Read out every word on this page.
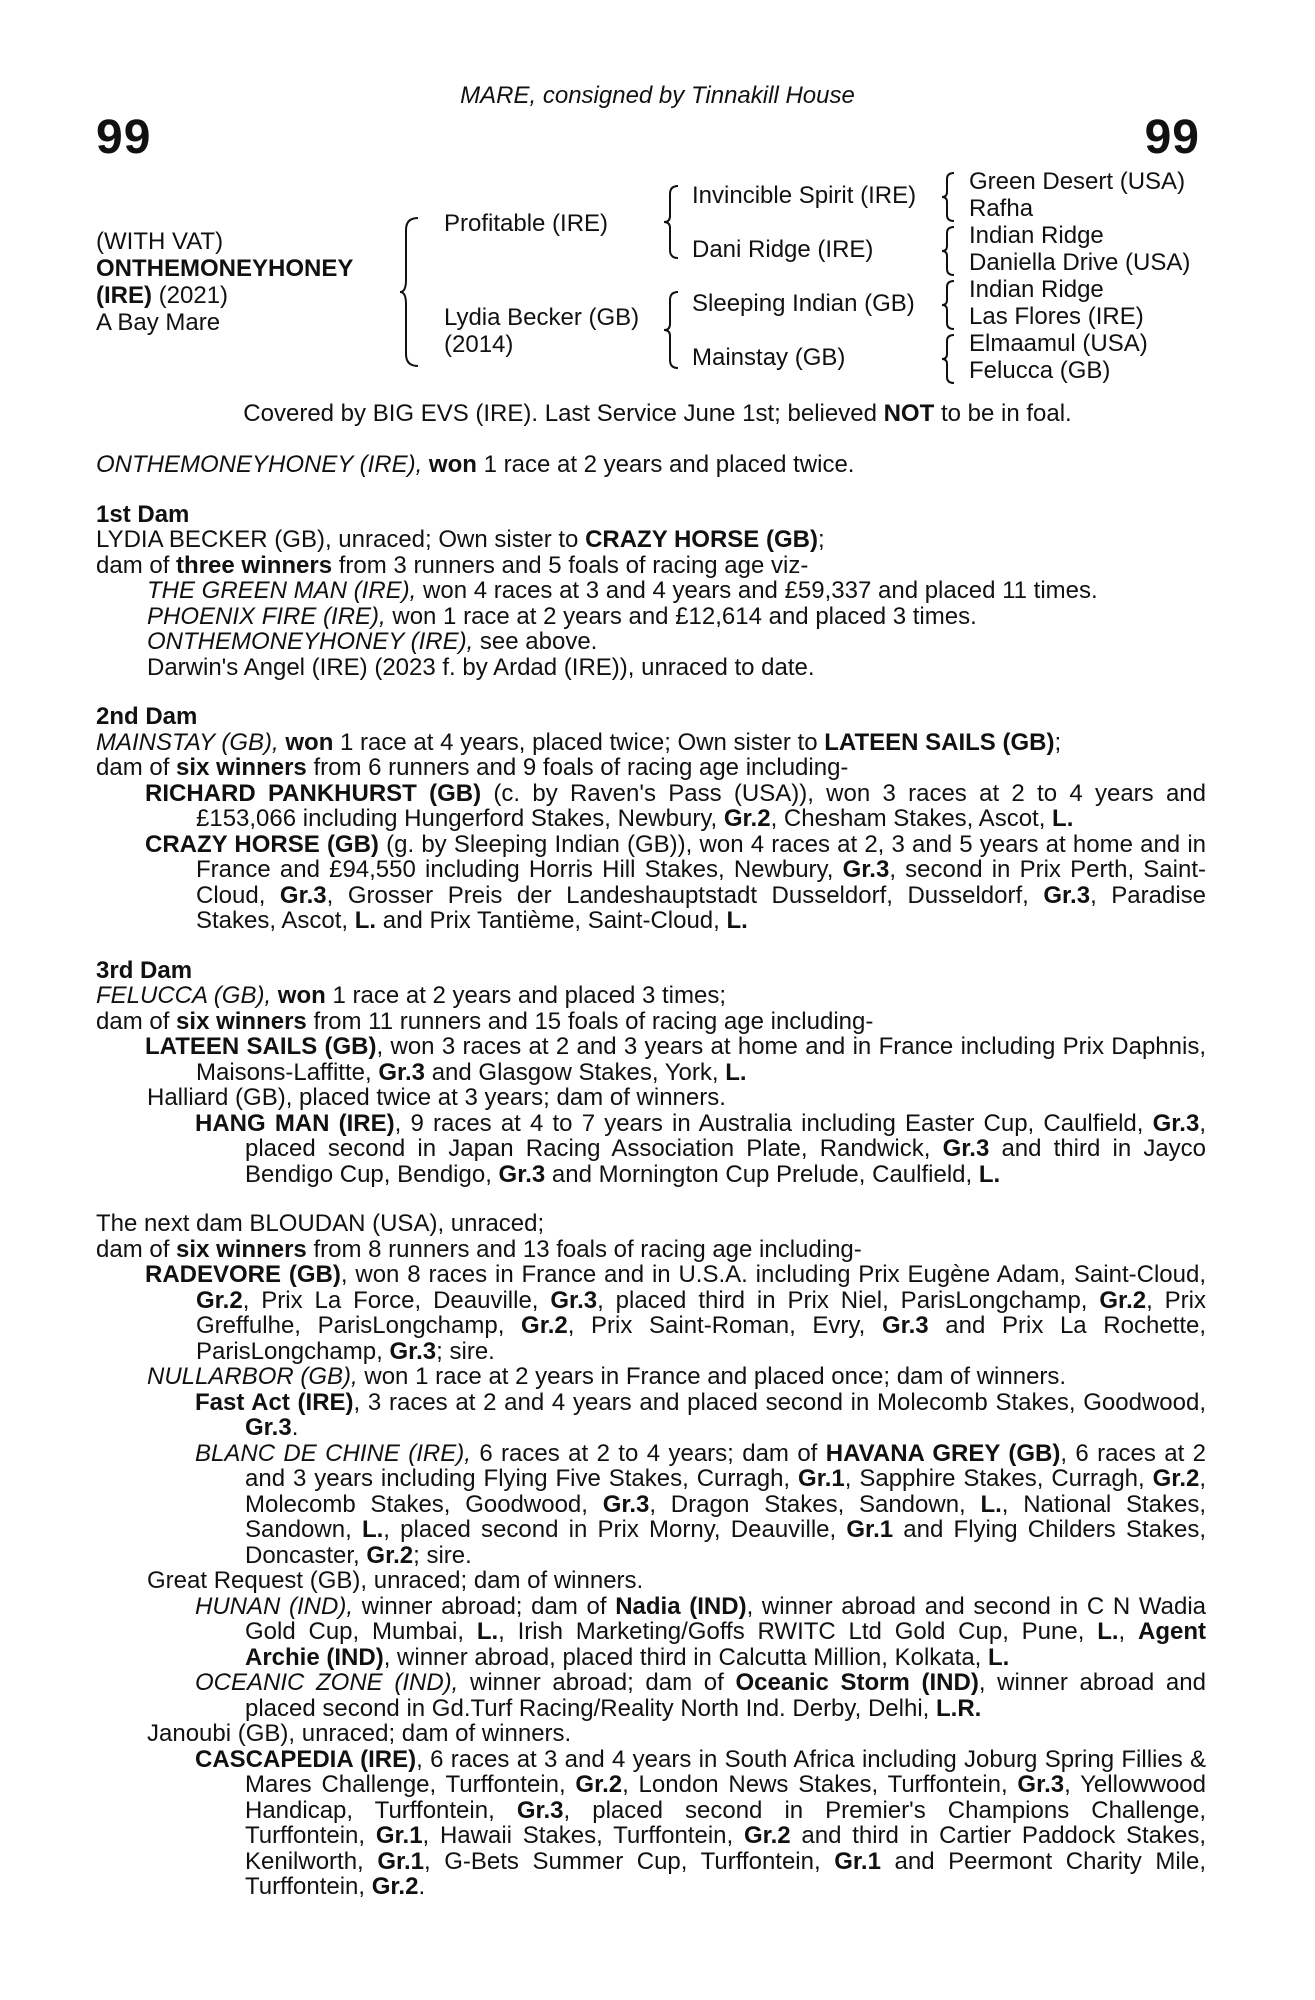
MARE, consigned by Tinnakill House
99	99
(WITH VAT)
ONTHEMONEYHONEY
(IRE) (2021)
A Bay Mare
Profitable (IRE)
Lydia Becker (GB)
(2014)
Invincible Spirit (IRE)
Dani Ridge (IRE)
Sleeping Indian (GB)
Mainstay (GB)
Green Desert (USA)
Rafha
Indian Ridge
Daniella Drive (USA)
Indian Ridge
Las Flores (IRE)
Elmaamul (USA)
Felucca (GB)
Covered by BIG EVS (IRE). Last Service June 1st; believed NOT to be in foal.

ONTHEMONEYHONEY (IRE), won 1 race at 2 years and placed twice.

1st Dam

LYDIA BECKER (GB), unraced; Own sister to CRAZY HORSE (GB);

dam of three winners from 3 runners and 5 foals of racing age viz-

THE GREEN MAN (IRE), won 4 races at 3 and 4 years and £59,337 and placed 11 times.

PHOENIX FIRE (IRE), won 1 race at 2 years and £12,614 and placed 3 times.

ONTHEMONEYHONEY (IRE), see above.

Darwin's Angel (IRE) (2023 f. by Ardad (IRE)), unraced to date.

2nd Dam

MAINSTAY (GB), won 1 race at 4 years, placed twice; Own sister to LATEEN SAILS (GB);

dam of six winners from 6 runners and 9 foals of racing age including-

RICHARD PANKHURST (GB) (c. by Raven's Pass (USA)), won 3 races at 2 to 4 years and £153,066 including Hungerford Stakes, Newbury, Gr.2, Chesham Stakes, Ascot, L.

CRAZY HORSE (GB) (g. by Sleeping Indian (GB)), won 4 races at 2, 3 and 5 years at home and in France and £94,550 including Horris Hill Stakes, Newbury, Gr.3, second in Prix Perth, Saint-Cloud, Gr.3, Grosser Preis der Landeshauptstadt Dusseldorf, Dusseldorf, Gr.3, Paradise Stakes, Ascot, L. and Prix Tantième, Saint-Cloud, L.

3rd Dam

FELUCCA (GB), won 1 race at 2 years and placed 3 times;

dam of six winners from 11 runners and 15 foals of racing age including-

LATEEN SAILS (GB), won 3 races at 2 and 3 years at home and in France including Prix Daphnis, Maisons-Laffitte, Gr.3 and Glasgow Stakes, York, L.

Halliard (GB), placed twice at 3 years; dam of winners.

HANG MAN (IRE), 9 races at 4 to 7 years in Australia including Easter Cup, Caulfield, Gr.3, placed second in Japan Racing Association Plate, Randwick, Gr.3 and third in Jayco Bendigo Cup, Bendigo, Gr.3 and Mornington Cup Prelude, Caulfield, L.

The next dam BLOUDAN (USA), unraced;

dam of six winners from 8 runners and 13 foals of racing age including-

RADEVORE (GB), won 8 races in France and in U.S.A. including Prix Eugène Adam, Saint-Cloud, Gr.2, Prix La Force, Deauville, Gr.3, placed third in Prix Niel, ParisLongchamp, Gr.2, Prix Greffulhe, ParisLongchamp, Gr.2, Prix Saint-Roman, Evry, Gr.3 and Prix La Rochette, ParisLongchamp, Gr.3; sire.

NULLARBOR (GB), won 1 race at 2 years in France and placed once; dam of winners.

Fast Act (IRE), 3 races at 2 and 4 years and placed second in Molecomb Stakes, Goodwood, Gr.3.

BLANC DE CHINE (IRE), 6 races at 2 to 4 years; dam of HAVANA GREY (GB), 6 races at 2 and 3 years including Flying Five Stakes, Curragh, Gr.1, Sapphire Stakes, Curragh, Gr.2, Molecomb Stakes, Goodwood, Gr.3, Dragon Stakes, Sandown, L., National Stakes, Sandown, L., placed second in Prix Morny, Deauville, Gr.1 and Flying Childers Stakes, Doncaster, Gr.2; sire.

Great Request (GB), unraced; dam of winners.

HUNAN (IND), winner abroad; dam of Nadia (IND), winner abroad and second in C N Wadia Gold Cup, Mumbai, L., Irish Marketing/Goffs RWITC Ltd Gold Cup, Pune, L., Agent Archie (IND), winner abroad, placed third in Calcutta Million, Kolkata, L.

OCEANIC ZONE (IND), winner abroad; dam of Oceanic Storm (IND), winner abroad and placed second in Gd.Turf Racing/Reality North Ind. Derby, Delhi, L.R.

Janoubi (GB), unraced; dam of winners.

CASCAPEDIA (IRE), 6 races at 3 and 4 years in South Africa including Joburg Spring Fillies & Mares Challenge, Turffontein, Gr.2, London News Stakes, Turffontein, Gr.3, Yellowwood Handicap, Turffontein, Gr.3, placed second in Premier's Champions Challenge, Turffontein, Gr.1, Hawaii Stakes, Turffontein, Gr.2 and third in Cartier Paddock Stakes, Kenilworth, Gr.1, G-Bets Summer Cup, Turffontein, Gr.1 and Peermont Charity Mile, Turffontein, Gr.2.
